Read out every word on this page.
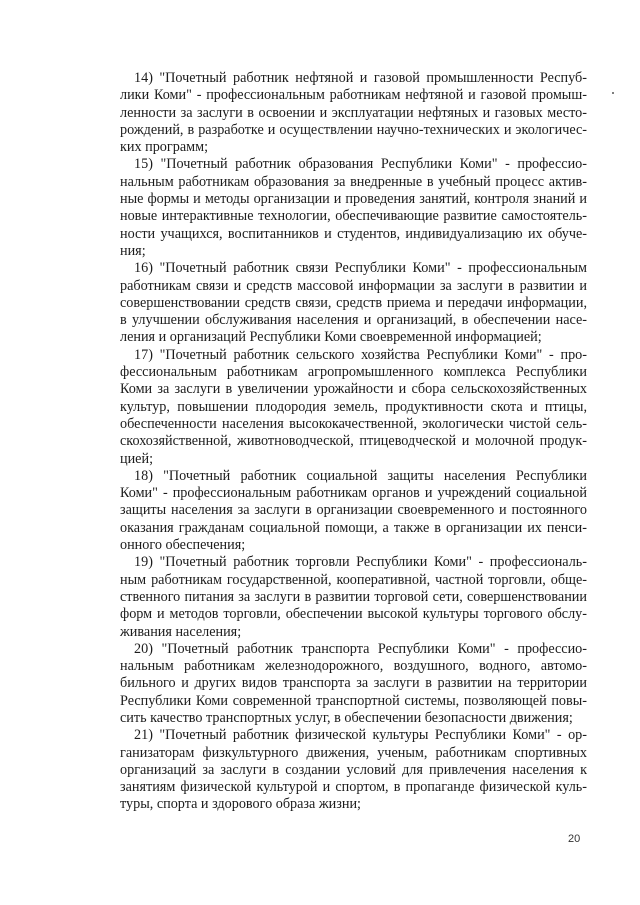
14) "Почетный работник нефтяной и газовой промышленности Респуб-
лики Коми" - профессиональным работникам нефтяной и газовой промыш-
ленности за заслуги в освоении и эксплуатации нефтяных и газовых место-
рождений, в разработке и осуществлении научно-технических и экологичес-
ких программ;
15) "Почетный работник образования Республики Коми" - профессио-
нальным работникам образования за внедренные в учебный процесс актив-
ные формы и методы организации и проведения занятий, контроля знаний и
новые интерактивные технологии, обеспечивающие развитие самостоятель-
ности учащихся, воспитанников и студентов, индивидуализацию их обуче-
ния;
16) "Почетный работник связи Республики Коми" - профессиональным
работникам связи и средств массовой информации за заслуги в развитии и
совершенствовании средств связи, средств приема и передачи информации,
в улучшении обслуживания населения и организаций, в обеспечении насе-
ления и организаций Республики Коми своевременной информацией;
17) "Почетный работник сельского хозяйства Республики Коми" - про-
фессиональным работникам агропромышленного комплекса Республики
Коми за заслуги в увеличении урожайности и сбора сельскохозяйственных
культур, повышении плодородия земель, продуктивности скота и птицы,
обеспеченности населения высококачественной, экологически чистой сель-
скохозяйственной, животноводческой, птицеводческой и молочной продук-
цией;
18) "Почетный работник социальной защиты населения Республики
Коми" - профессиональным работникам органов и учреждений социальной
защиты населения за заслуги в организации своевременного и постоянного
оказания гражданам социальной помощи, а также в организации их пенси-
онного обеспечения;
19) "Почетный работник торговли Республики Коми" - профессиональ-
ным работникам государственной, кооперативной, частной торговли, обще-
ственного питания за заслуги в развитии торговой сети, совершенствовании
форм и методов торговли, обеспечении высокой культуры торгового обслу-
живания населения;
20) "Почетный работник транспорта Республики Коми" - профессио-
нальным работникам железнодорожного, воздушного, водного, автомо-
бильного и других видов транспорта за заслуги в развитии на территории
Республики Коми современной транспортной системы, позволяющей повы-
сить качество транспортных услуг, в обеспечении безопасности движения;
21) "Почетный работник физической культуры Республики Коми" - ор-
ганизаторам физкультурного движения, ученым, работникам спортивных
организаций за заслуги в создании условий для привлечения населения к
занятиям физической культурой и спортом, в пропаганде физической куль-
туры, спорта и здорового образа жизни;
20
